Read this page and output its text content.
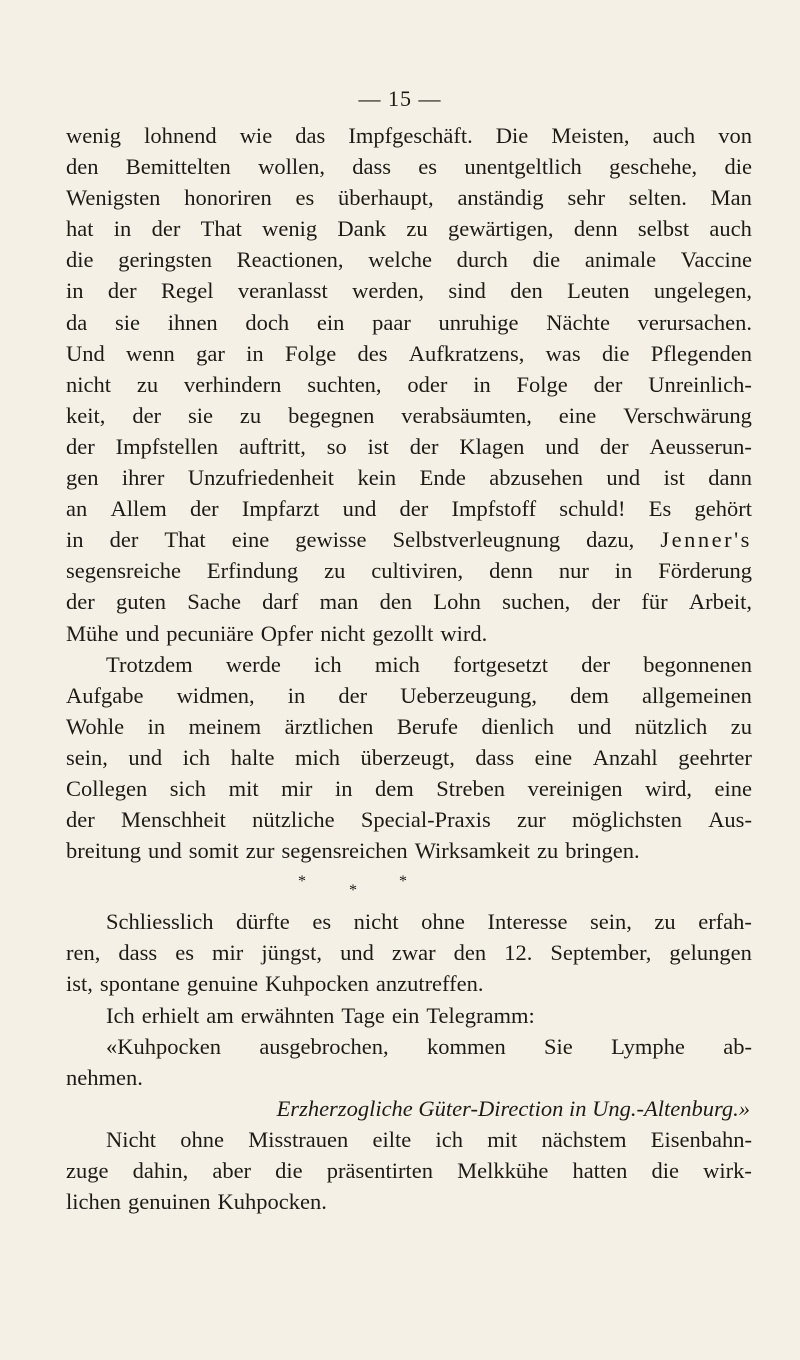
— 15 —
wenig lohnend wie das Impfgeschäft. Die Meisten, auch von
den Bemittelten wollen, dass es unentgeltlich geschehe, die
Wenigsten honoriren es überhaupt, anständig sehr selten. Man
hat in der That wenig Dank zu gewärtigen, denn selbst auch
die geringsten Reactionen, welche durch die animale Vaccine
in der Regel veranlasst werden, sind den Leuten ungelegen,
da sie ihnen doch ein paar unruhige Nächte verursachen.
Und wenn gar in Folge des Aufkratzens, was die Pflegenden
nicht zu verhindern suchten, oder in Folge der Unreinlich-
keit, der sie zu begegnen verabsäumten, eine Verschwärung
der Impfstellen auftritt, so ist der Klagen und der Aeusserun-
gen ihrer Unzufriedenheit kein Ende abzusehen und ist dann
an Allem der Impfarzt und der Impfstoff schuld! Es gehört
in der That eine gewisse Selbstverleugnung dazu, Jenner's
segensreiche Erfindung zu cultiviren, denn nur in Förderung
der guten Sache darf man den Lohn suchen, der für Arbeit,
Mühe und pecuniäre Opfer nicht gezollt wird.
Trotzdem werde ich mich fortgesetzt der begonnenen
Aufgabe widmen, in der Ueberzeugung, dem allgemeinen
Wohle in meinem ärztlichen Berufe dienlich und nützlich zu
sein, und ich halte mich überzeugt, dass eine Anzahl geehrter
Collegen sich mit mir in dem Streben vereinigen wird, eine
der Menschheit nützliche Special-Praxis zur möglichsten Aus-
breitung und somit zur segensreichen Wirksamkeit zu bringen.
*	*
*
Schliesslich dürfte es nicht ohne Interesse sein, zu erfah-
ren, dass es mir jüngst, und zwar den 12. September, gelungen
ist, spontane genuine Kuhpocken anzutreffen.
Ich erhielt am erwähnten Tage ein Telegramm:
«Kuhpocken ausgebrochen, kommen Sie Lymphe ab-
nehmen.
Erzherzogliche Güter-Direction in Ung.-Altenburg.»
Nicht ohne Misstrauen eilte ich mit nächstem Eisenbahn-
zuge dahin, aber die präsentirten Melkkühe hatten die wirk-
lichen genuinen Kuhpocken.
